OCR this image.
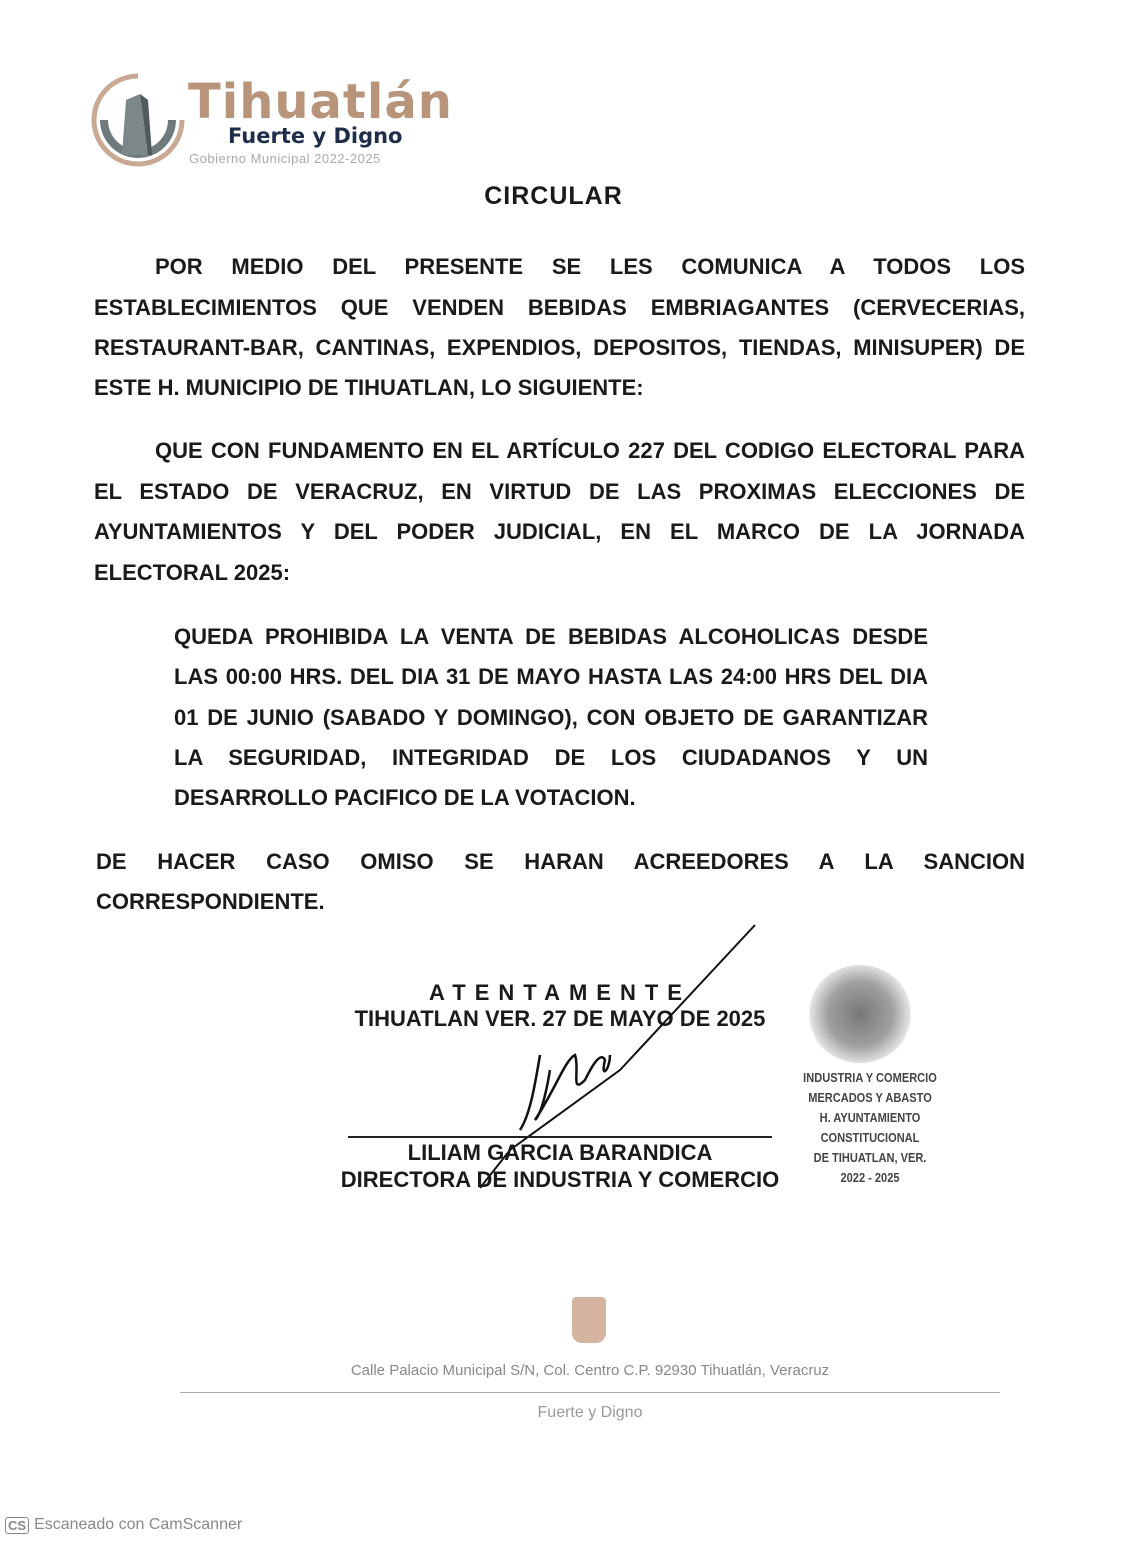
Tihuatlán
Fuerte y Digno
Gobierno Municipal 2022-2025
CIRCULAR
POR MEDIO DEL PRESENTE SE LES COMUNICA A TODOS LOS
ESTABLECIMIENTOS QUE VENDEN BEBIDAS EMBRIAGANTES (CERVECERIAS,
RESTAURANT-BAR, CANTINAS, EXPENDIOS, DEPOSITOS, TIENDAS, MINISUPER) DE
ESTE H. MUNICIPIO DE TIHUATLAN, LO SIGUIENTE:
QUE CON FUNDAMENTO EN EL ARTÍCULO 227 DEL CODIGO ELECTORAL PARA
EL ESTADO DE VERACRUZ, EN VIRTUD DE LAS PROXIMAS ELECCIONES DE
AYUNTAMIENTOS Y DEL PODER JUDICIAL, EN EL MARCO DE LA JORNADA
ELECTORAL 2025:
QUEDA PROHIBIDA LA VENTA DE BEBIDAS ALCOHOLICAS DESDE
LAS 00:00 HRS. DEL DIA 31 DE MAYO HASTA LAS 24:00 HRS DEL DIA
01 DE JUNIO (SABADO Y DOMINGO), CON OBJETO DE GARANTIZAR
LA SEGURIDAD, INTEGRIDAD DE LOS CIUDADANOS Y UN
DESARROLLO PACIFICO DE LA VOTACION.
DE HACER CASO OMISO SE HARAN ACREEDORES A LA SANCION
CORRESPONDIENTE.
ATENTAMENTE
TIHUATLAN VER. 27 DE MAYO DE 2025
LILIAM GARCIA BARANDICA
DIRECTORA DE INDUSTRIA Y COMERCIO
INDUSTRIA Y COMERCIO
MERCADOS Y ABASTO
H. AYUNTAMIENTO CONSTITUCIONAL
DE TIHUATLAN, VER.
2022 - 2025
Calle Palacio Municipal S/N, Col. Centro C.P. 92930 Tihuatlán, Veracruz
Fuerte y Digno
CS Escaneado con CamScanner
